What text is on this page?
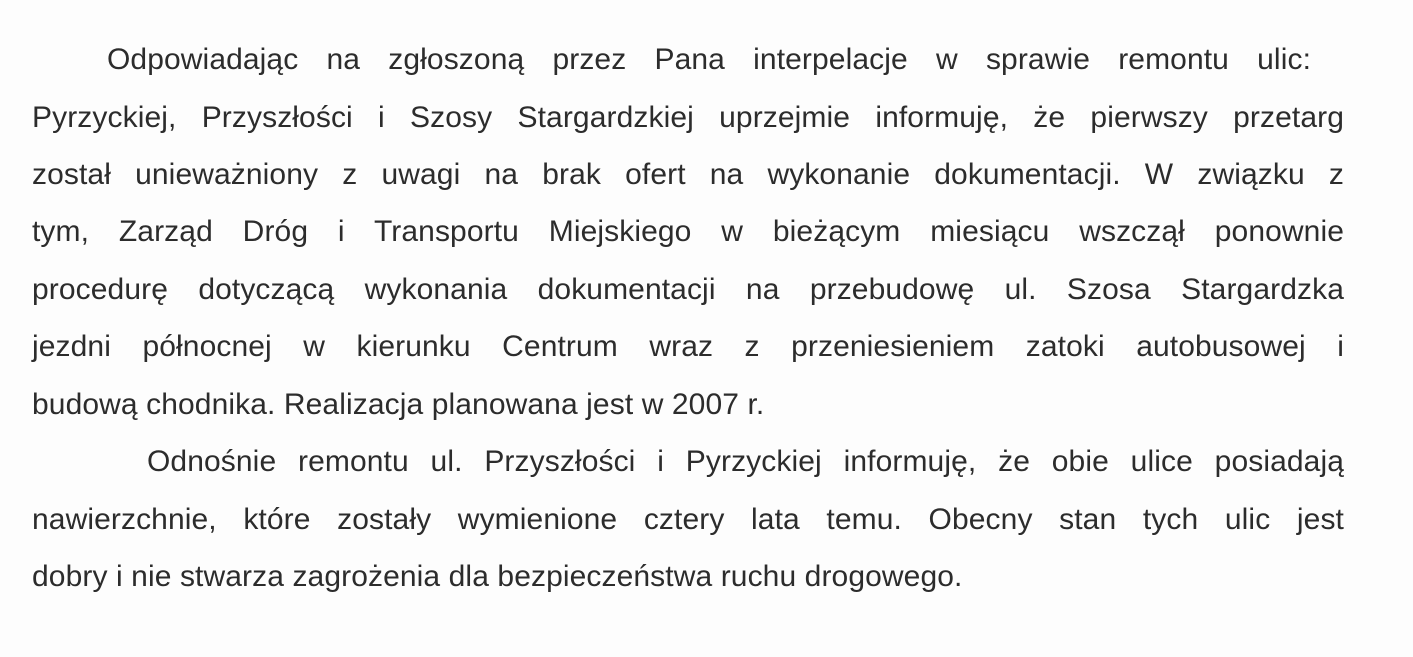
Odpowiadając na zgłoszoną przez Pana interpelacje w sprawie remontu ulic:
Pyrzyckiej, Przyszłości i Szosy Stargardzkiej uprzejmie informuję, że pierwszy przetarg
został unieważniony z uwagi na brak ofert na wykonanie dokumentacji. W związku z
tym, Zarząd Dróg i Transportu Miejskiego w bieżącym miesiącu wszczął ponownie
procedurę dotyczącą wykonania dokumentacji na przebudowę ul. Szosa Stargardzka
jezdni północnej w kierunku Centrum wraz z przeniesieniem zatoki autobusowej i
budową chodnika. Realizacja planowana jest w 2007 r.
Odnośnie remontu ul. Przyszłości i Pyrzyckiej informuję, że obie ulice posiadają
nawierzchnie, które zostały wymienione cztery lata temu. Obecny stan tych ulic jest
dobry i nie stwarza zagrożenia dla bezpieczeństwa ruchu drogowego.
